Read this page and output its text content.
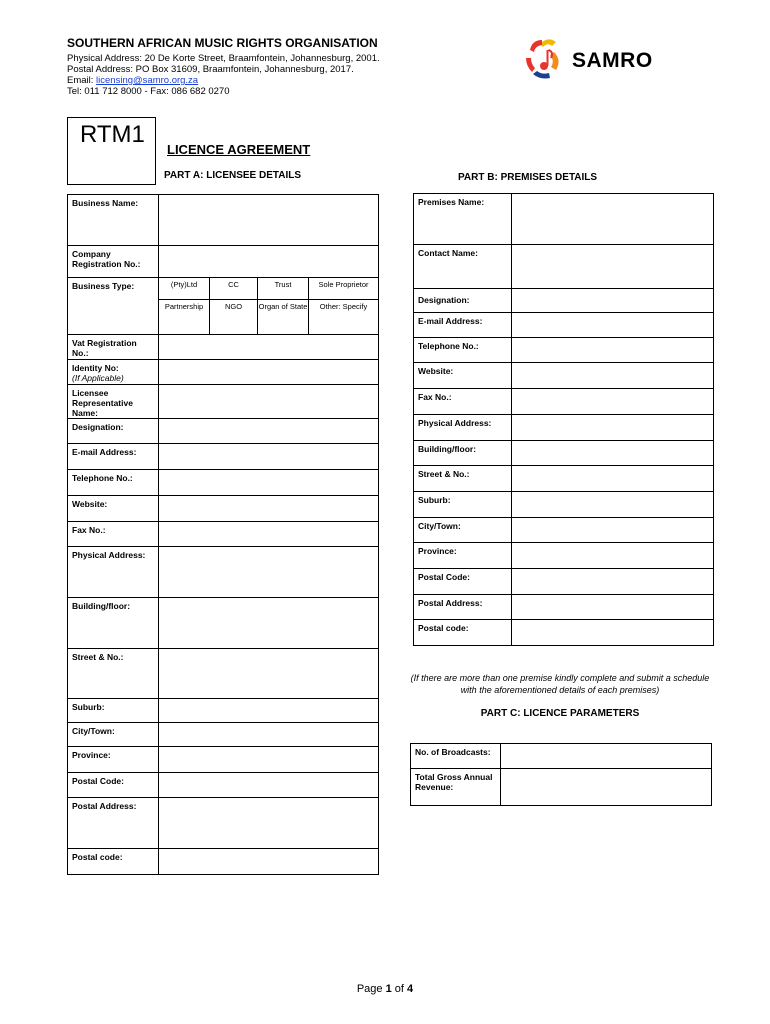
SOUTHERN AFRICAN MUSIC RIGHTS ORGANISATION
Physical Address: 20 De Korte Street, Braamfontein, Johannesburg, 2001.
Postal Address: PO Box 31609, Braamfontein, Johannesburg, 2017.
Email: licensing@samro.org.za
Tel: 011 712 8000 - Fax: 086 682 0270
SAMRO
RTM1
LICENCE AGREEMENT
PART A: LICENSEE DETAILS	PART B: PREMISES DETAILS
Business Name:				
Company Registration No.:				
Business Type:	(Pty)Ltd	CC	Trust	Sole Proprietor
	Partnership	NGO	Organ of State	Other: Specify
Vat Registration No.:				
Identity No:
(If Applicable)				
Licensee Representative Name:				
Designation:				
E-mail Address:				
Telephone No.:				
Website:				
Fax No.:				
Physical Address:				
Building/floor:				
Street & No.:				
Suburb:				
City/Town:				
Province:				
Postal Code:				
Postal Address:				
Postal code:				
Premises Name:	
Contact Name:	
Designation:	
E-mail Address:	
Telephone No.:	
Website:	
Fax No.:	
Physical Address:	
Building/floor:	
Street & No.:	
Suburb:	
City/Town:	
Province:	
Postal Code:	
Postal Address:	
Postal code:	
(If there are more than one premise kindly complete and submit a schedule with the aforementioned details of each premises)
PART C: LICENCE PARAMETERS
No. of Broadcasts:	
Total Gross Annual Revenue:	
Page 1 of 4
